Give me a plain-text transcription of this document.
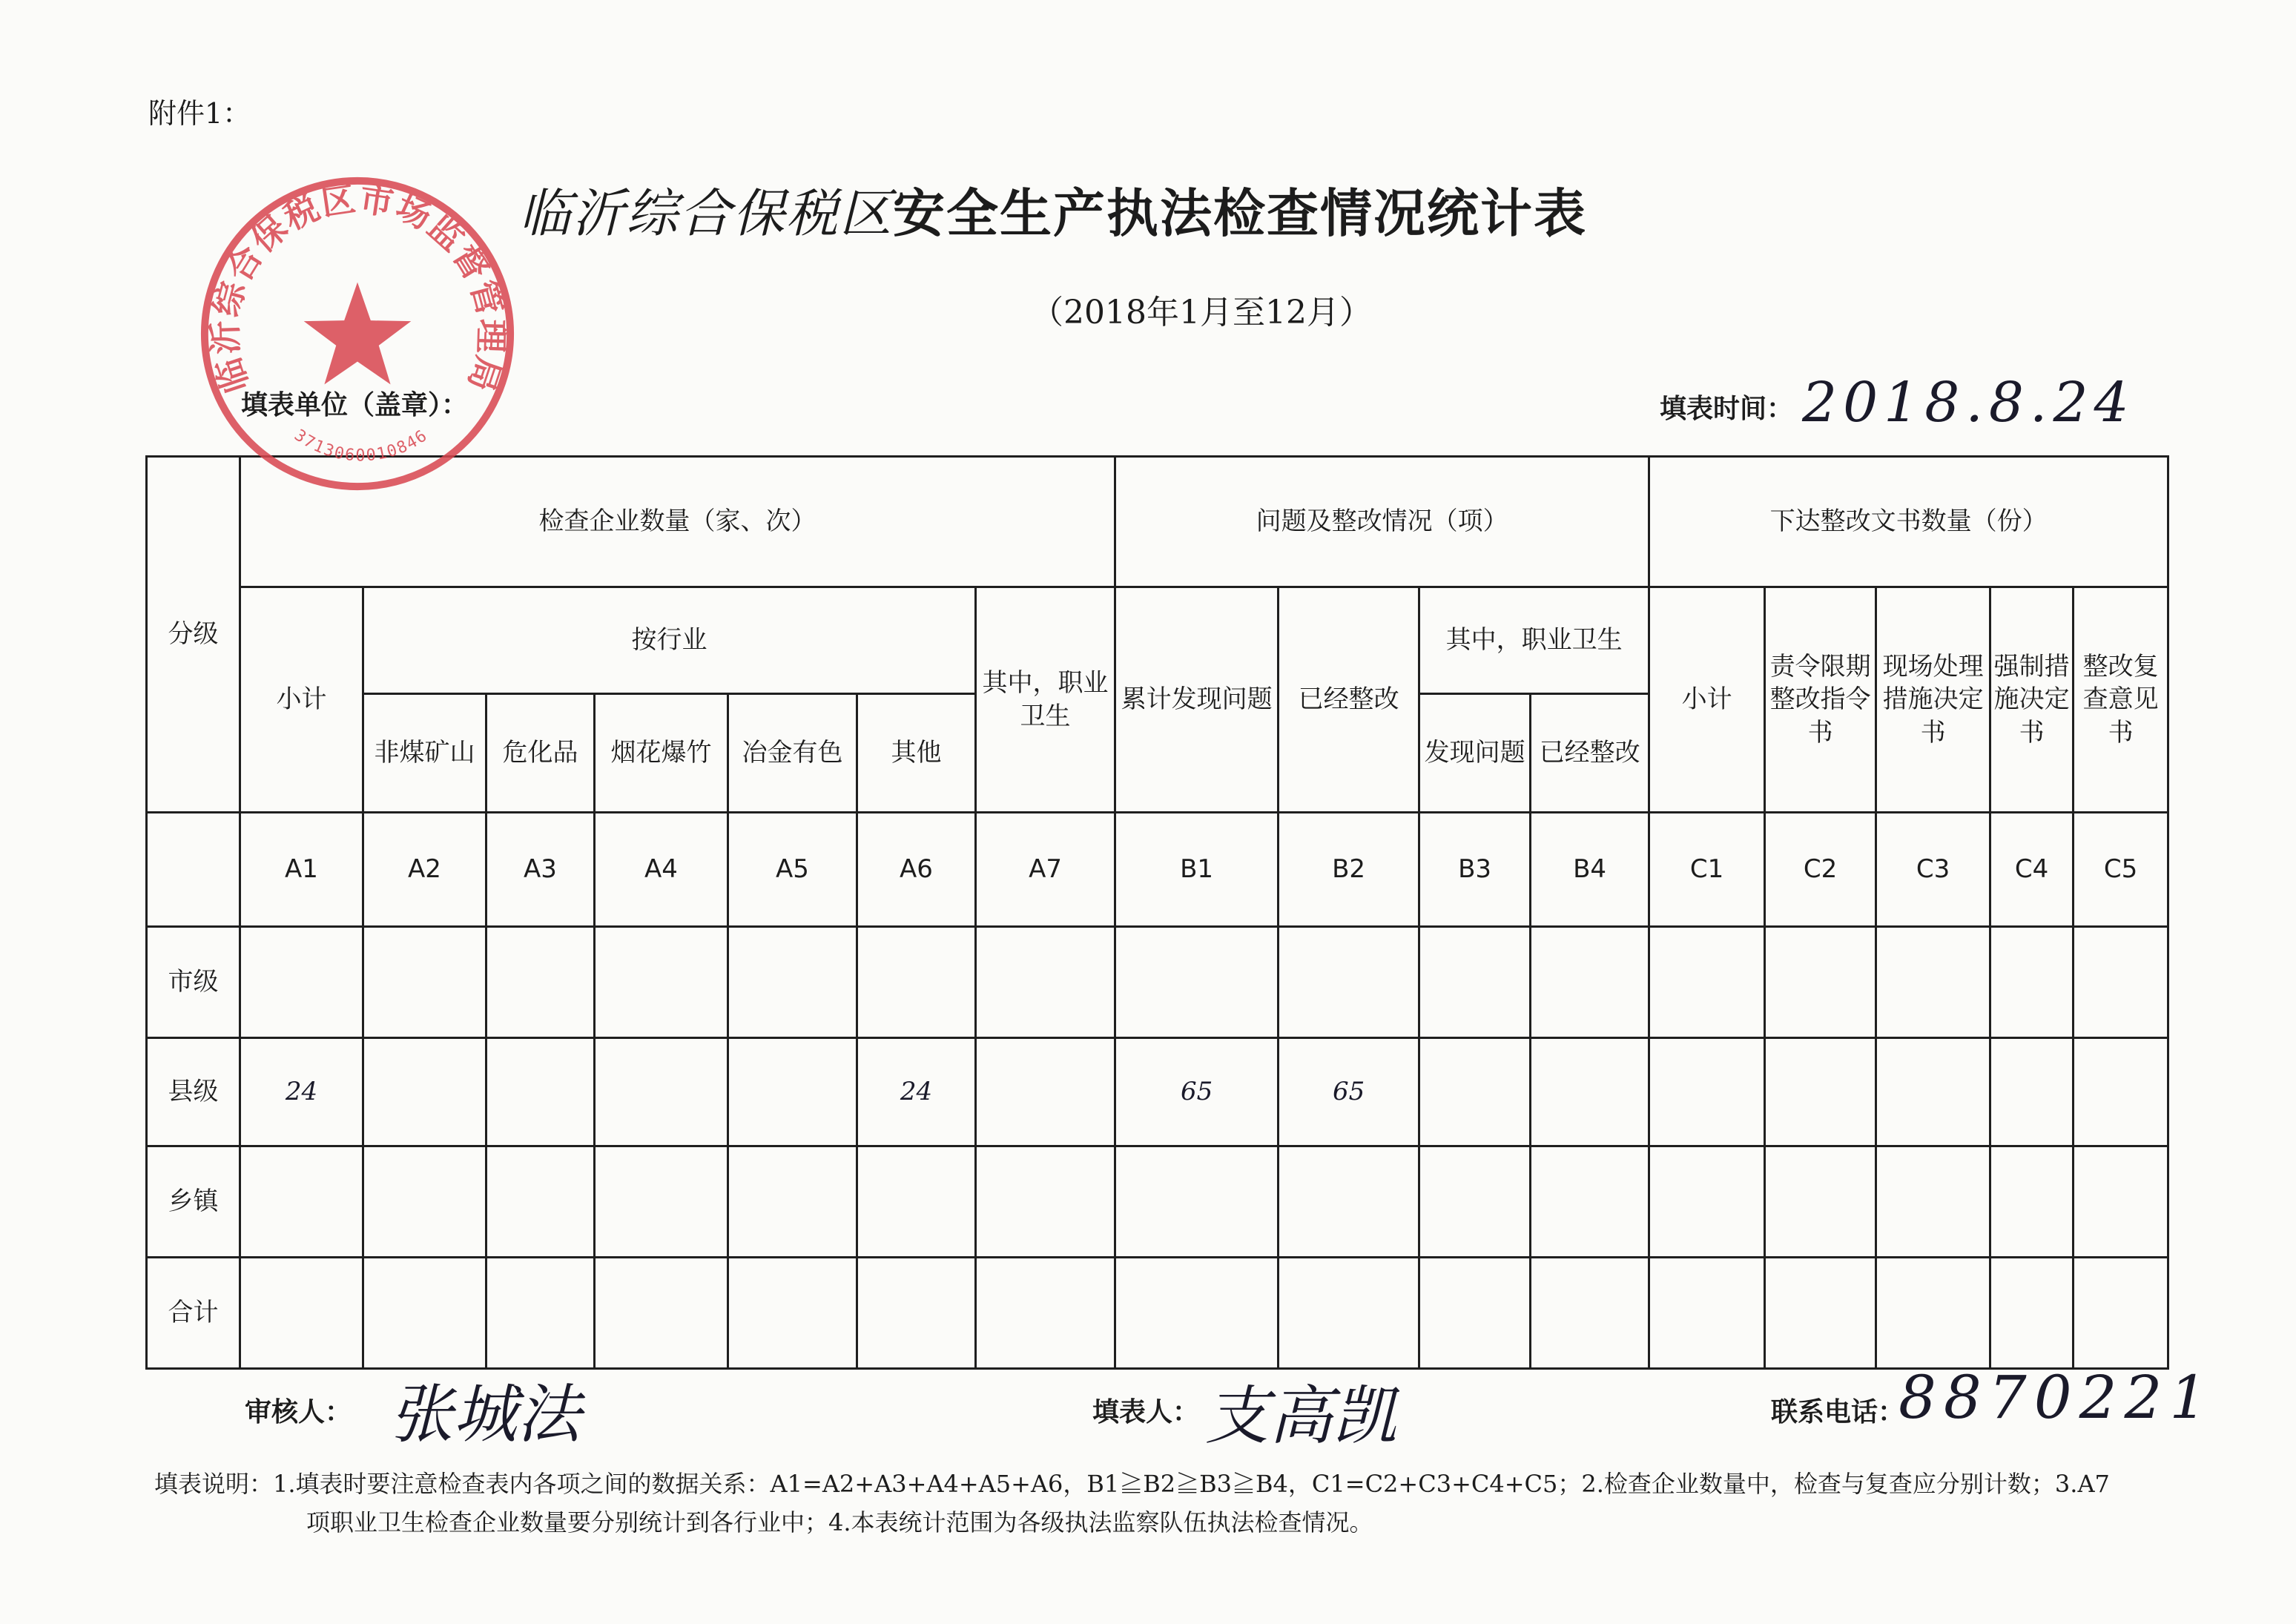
附件1：
临沂综合保税区安全生产执法检查情况统计表
（2018年1月至12月）
填表单位（盖章）：	填表时间： 2018.8.24
分级	检查企业数量（家、次）							问题及整改情况（项）				下达整改文书数量（份）				
	小计	按行业					其中，职业卫生	累计发现问题	已经整改	其中，职业卫生		小计	责令限期整改指令书	现场处理措施决定书	强制措施决定书	整改复查意见书
		非煤矿山	危化品	烟花爆竹	冶金有色	其他				发现问题	已经整改					
	A1	A2	A3	A4	A5	A6	A7	B1	B2	B3	B4	C1	C2	C3	C4	C5
市级																
县级	24					24		65	65							
乡镇																
合计																
临沂综合保税区市场监督管理局
3713060010846
审核人： 张城法	填表人： 支高凯	联系电话：
8870221
填表说明：1.填表时要注意检查表内各项之间的数据关系：A1=A2+A3+A4+A5+A6，B1≧B2≧B3≧B4，C1=C2+C3+C4+C5；2.检查企业数量中，检查与复查应分别计数；3.A7
项职业卫生检查企业数量要分别统计到各行业中；4.本表统计范围为各级执法监察队伍执法检查情况。
